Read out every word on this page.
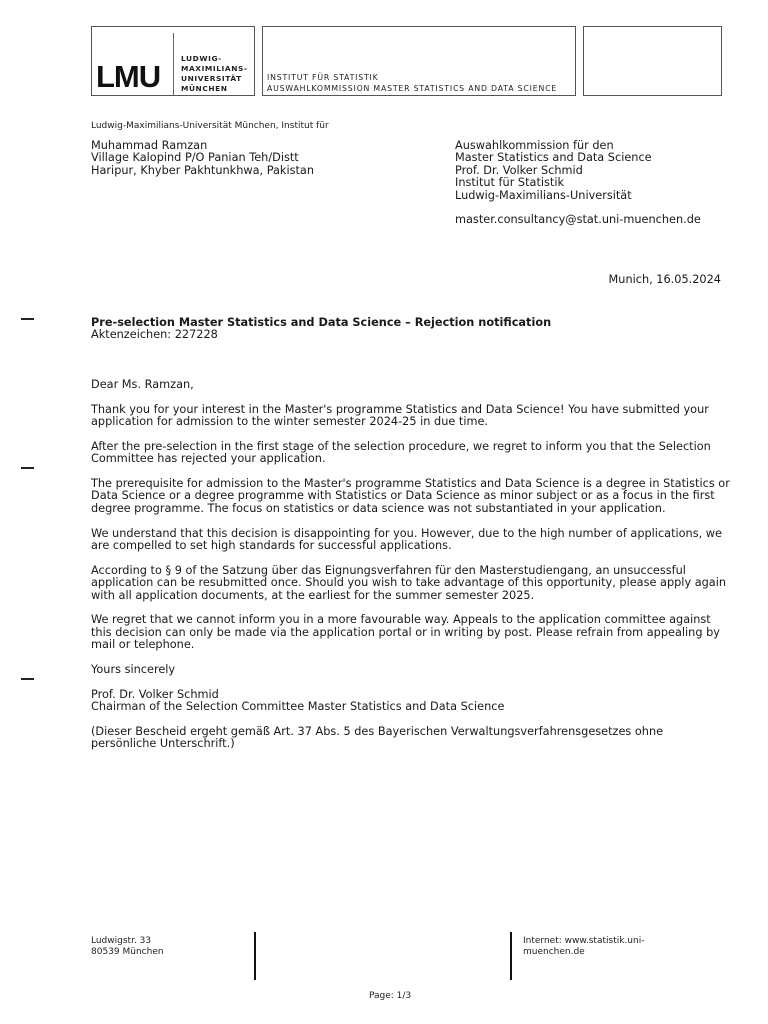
LMU
LUDWIG-
MAXIMILIANS-
UNIVERSITÄT
MÜNCHEN
INSTITUT FÜR STATISTIK
AUSWAHLKOMMISSION MASTER STATISTICS AND DATA SCIENCE
Ludwig-Maximilians-Universität München, Institut für
Muhammad Ramzan
Village Kalopind P/O Panian Teh/Distt
Haripur, Khyber Pakhtunkhwa, Pakistan
Auswahlkommission für den
Master Statistics and Data Science
Prof. Dr. Volker Schmid
Institut für Statistik
Ludwig-Maximilians-Universität
master.consultancy@stat.uni-muenchen.de
Munich, 16.05.2024

Pre-selection Master Statistics and Data Science – Rejection notification

Aktenzeichen: 227228

Dear Ms. Ramzan,

Thank you for your interest in the Master's programme Statistics and Data Science! You have submitted your application for admission to the winter semester 2024-25 in due time.

After the pre-selection in the first stage of the selection procedure, we regret to inform you that the Selection Committee has rejected your application.

The prerequisite for admission to the Master's programme Statistics and Data Science is a degree in Statistics or Data Science or a degree programme with Statistics or Data Science as minor subject or as a focus in the first degree programme. The focus on statistics or data science was not substantiated in your application.

We understand that this decision is disappointing for you. However, due to the high number of applications, we are compelled to set high standards for successful applications.

According to § 9 of the Satzung über das Eignungsverfahren für den Masterstudiengang, an unsuccessful application can be resubmitted once. Should you wish to take advantage of this opportunity, please apply again with all application documents, at the earliest for the summer semester 2025.

We regret that we cannot inform you in a more favourable way. Appeals to the application committee against this decision can only be made via the application portal or in writing by post. Please refrain from appealing by mail or telephone.

Yours sincerely

Prof. Dr. Volker Schmid

Chairman of the Selection Committee Master Statistics and Data Science

(Dieser Bescheid ergeht gemäß Art. 37 Abs. 5 des Bayerischen Verwaltungsverfahrensgesetzes ohne persönliche Unterschrift.)

Ludwigstr. 33
80539 München
Internet: www.statistik.uni-
muenchen.de
Page: 1/3
